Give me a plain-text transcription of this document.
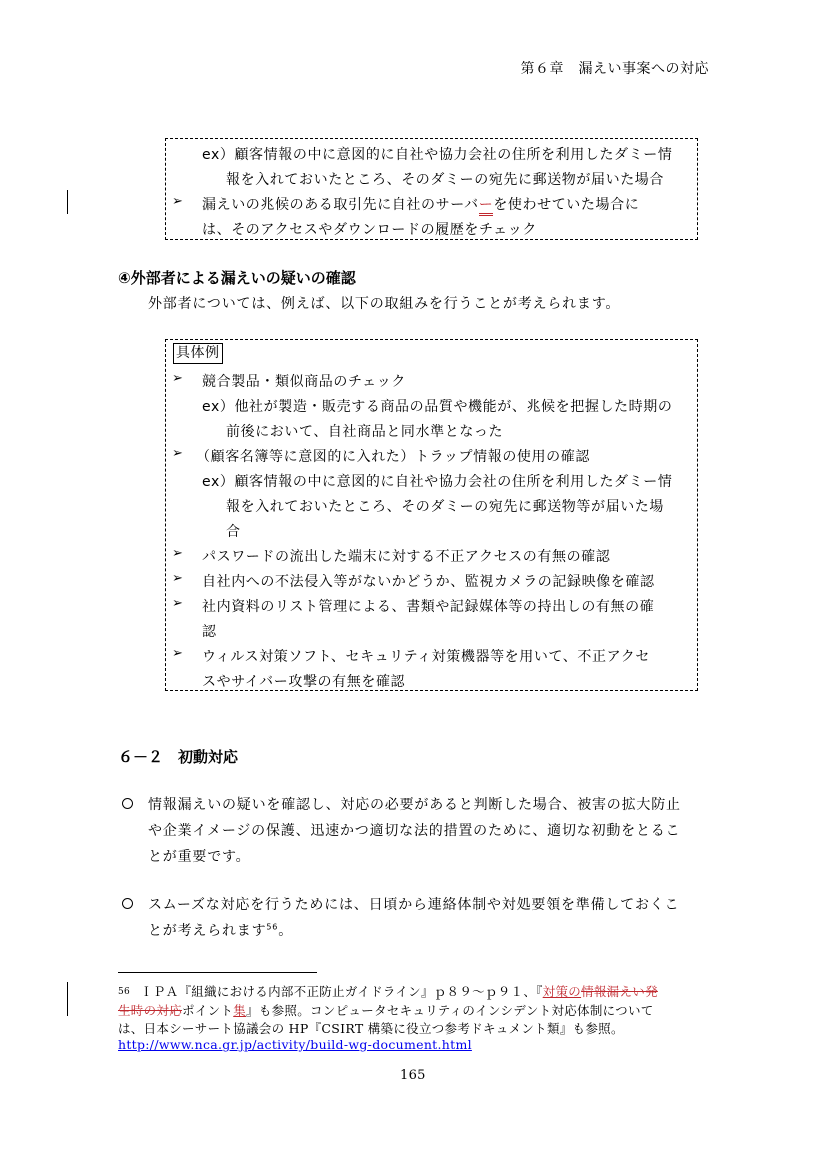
第６章　漏えい事案への対応
ex）顧客情報の中に意図的に自社や協力会社の住所を利用したダミー情
報を入れておいたところ、そのダミーの宛先に郵送物が届いた場合
➢ 漏えいの兆候のある取引先に自社のサーバーを使わせていた場合に
は、そのアクセスやダウンロードの履歴をチェック
④外部者による漏えいの疑いの確認
外部者については、例えば、以下の取組みを行うことが考えられます。
具体例
➢ 競合製品・類似商品のチェック
ex）他社が製造・販売する商品の品質や機能が、兆候を把握した時期の
前後において、自社商品と同水準となった
➢ （顧客名簿等に意図的に入れた）トラップ情報の使用の確認
ex）顧客情報の中に意図的に自社や協力会社の住所を利用したダミー情
報を入れておいたところ、そのダミーの宛先に郵送物等が届いた場
合
➢ パスワードの流出した端末に対する不正アクセスの有無の確認
➢ 自社内への不法侵入等がないかどうか、監視カメラの記録映像を確認
➢ 社内資料のリスト管理による、書類や記録媒体等の持出しの有無の確
認
➢ ウィルス対策ソフト、セキュリティ対策機器等を用いて、不正アクセ
スやサイバー攻撃の有無を確認
６－２　初動対応
情報漏えいの疑いを確認し、対応の必要があると判断した場合、被害の拡大防止
や企業イメージの保護、迅速かつ適切な法的措置のために、適切な初動をとるこ
とが重要です。
スムーズな対応を行うためには、日頃から連絡体制や対処要領を準備しておくこ
とが考えられます$^{56}$。
56 ＩＰＡ『組織における内部不正防止ガイドライン』ｐ８９～ｐ９１、『対策の情報漏えい発
生時の対応ポイント集』も参照。コンピュータセキュリティのインシデント対応体制について
は、日本シーサート協議会の HP『CSIRT 構築に役立つ参考ドキュメント類』も参照。
http://www.nca.gr.jp/activity/build-wg-document.html
165
